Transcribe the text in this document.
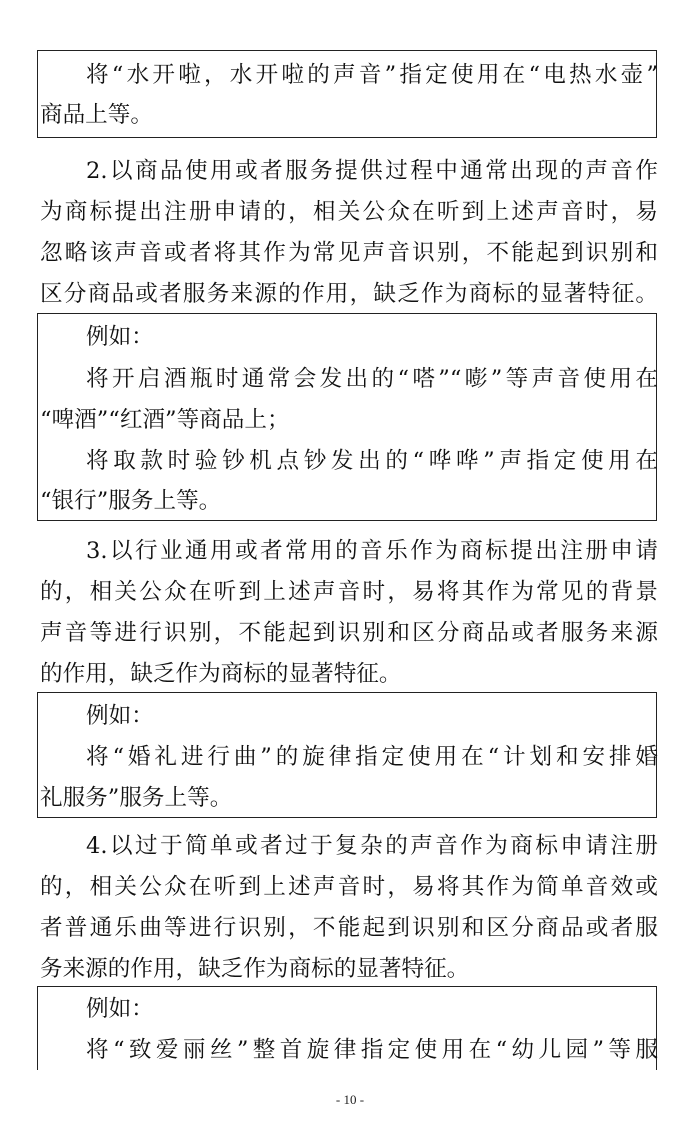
将“水开啦，水开啦的声音”指定使用在“电热水壶”
商品上等。
2.以商品使用或者服务提供过程中通常出现的声音作
为商标提出注册申请的，相关公众在听到上述声音时，易
忽略该声音或者将其作为常见声音识别，不能起到识别和
区分商品或者服务来源的作用，缺乏作为商标的显著特征。
例如：
将开启酒瓶时通常会发出的“嗒”“嘭”等声音使用在
“啤酒”“红酒”等商品上；
将取款时验钞机点钞发出的“哗哗”声指定使用在
“银行”服务上等。
3.以行业通用或者常用的音乐作为商标提出注册申请
的，相关公众在听到上述声音时，易将其作为常见的背景
声音等进行识别，不能起到识别和区分商品或者服务来源
的作用，缺乏作为商标的显著特征。
例如：
将“婚礼进行曲”的旋律指定使用在“计划和安排婚
礼服务”服务上等。
4.以过于简单或者过于复杂的声音作为商标申请注册
的，相关公众在听到上述声音时，易将其作为简单音效或
者普通乐曲等进行识别，不能起到识别和区分商品或者服
务来源的作用，缺乏作为商标的显著特征。
例如：
将“致爱丽丝”整首旋律指定使用在“幼儿园”等服
- 10 -
